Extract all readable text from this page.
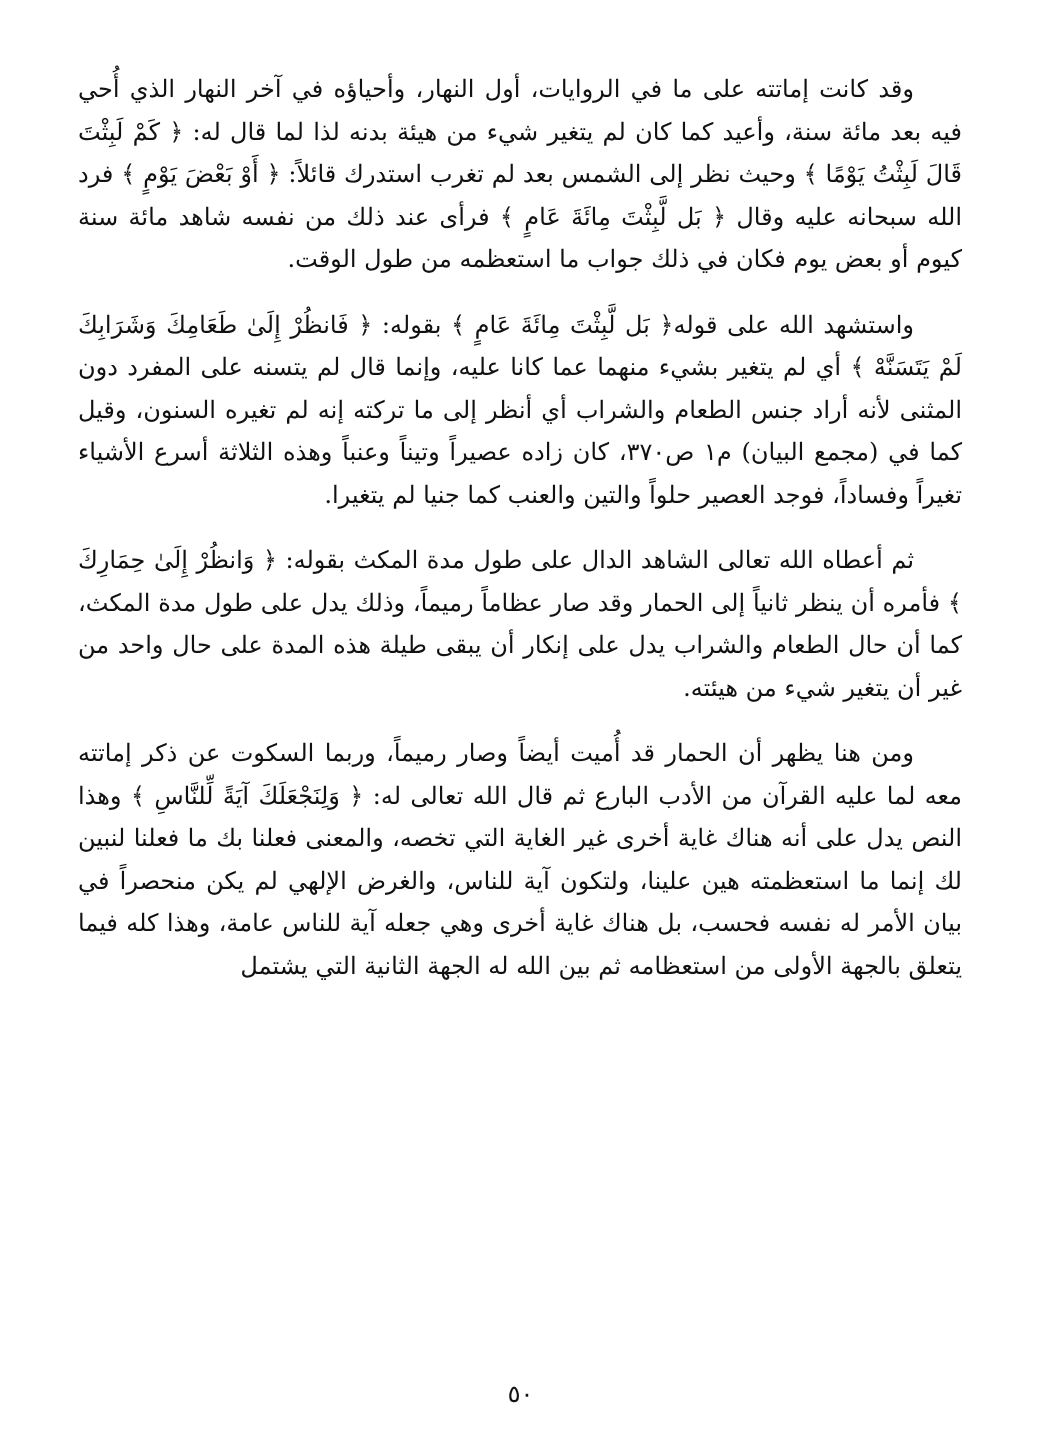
وقد كانت إماتته على ما في الروايات، أول النهار، وأحياؤه في آخر النهار الذي أُحي فيه بعد مائة سنة، وأعيد كما كان لم يتغير شيء من هيئة بدنه لذا لما قال له: ﴿ كَمْ لَبِثْتَ قَالَ لَبِثْتُ يَوْمًا ﴾ وحيث نظر إلى الشمس بعد لم تغرب استدرك قائلاً: ﴿ أَوْ بَعْضَ يَوْمٍ ﴾ فرد الله سبحانه عليه وقال ﴿ بَل لَّبِثْتَ مِائَةَ عَامٍ ﴾ فرأى عند ذلك من نفسه شاهد مائة سنة كيوم أو بعض يوم فكان في ذلك جواب ما استعظمه من طول الوقت.

واستشهد الله على قوله﴿ بَل لَّبِثْتَ مِائَةَ عَامٍ ﴾ بقوله: ﴿ فَانظُرْ إِلَىٰ طَعَامِكَ وَشَرَابِكَ لَمْ يَتَسَنَّهْ ﴾ أي لم يتغير بشيء منهما عما كانا عليه، وإنما قال لم يتسنه على المفرد دون المثنى لأنه أراد جنس الطعام والشراب أي أنظر إلى ما تركته إنه لم تغيره السنون، وقيل كما في (مجمع البيان) م١ ص٣٧٠، كان زاده عصيراً وتيناً وعنباً وهذه الثلاثة أسرع الأشياء تغيراً وفساداً، فوجد العصير حلواً والتين والعنب كما جنيا لم يتغيرا.

ثم أعطاه الله تعالى الشاهد الدال على طول مدة المكث بقوله: ﴿ وَانظُرْ إِلَىٰ حِمَارِكَ ﴾ فأمره أن ينظر ثانياً إلى الحمار وقد صار عظاماً رميماً، وذلك يدل على طول مدة المكث، كما أن حال الطعام والشراب يدل على إنكار أن يبقى طيلة هذه المدة على حال واحد من غير أن يتغير شيء من هيئته.

ومن هنا يظهر أن الحمار قد أُميت أيضاً وصار رميماً، وربما السكوت عن ذكر إماتته معه لما عليه القرآن من الأدب البارع ثم قال الله تعالى له: ﴿ وَلِنَجْعَلَكَ آيَةً لِّلنَّاسِ ﴾ وهذا النص يدل على أنه هناك غاية أخرى غير الغاية التي تخصه، والمعنى فعلنا بك ما فعلنا لنبين لك إنما ما استعظمته هين علينا، ولتكون آية للناس، والغرض الإلهي لم يكن منحصراً في بيان الأمر له نفسه فحسب، بل هناك غاية أخرى وهي جعله آية للناس عامة، وهذا كله فيما يتعلق بالجهة الأولى من استعظامه ثم بين الله له الجهة الثانية التي يشتمل

٥٠
